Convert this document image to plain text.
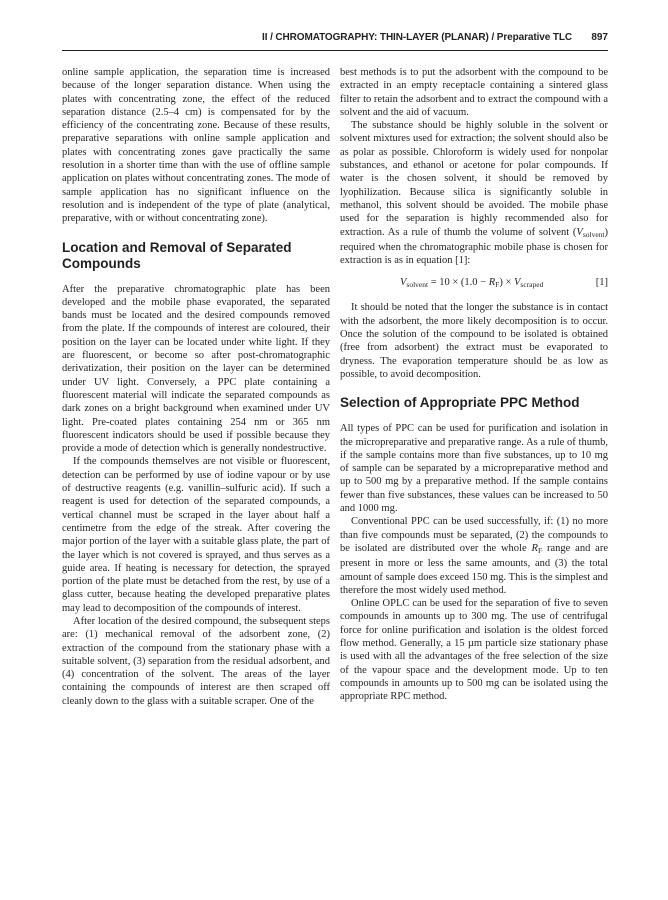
II / CHROMATOGRAPHY: THIN-LAYER (PLANAR) / Preparative TLC 897

online sample application, the separation time is increased because of the longer separation distance. When using the plates with concentrating zone, the effect of the reduced separation distance (2.5–4 cm) is compensated for by the efficiency of the concentrating zone. Because of these results, preparative separations with online sample application and plates with concentrating zones gave practically the same resolution in a shorter time than with the use of offline sample application on plates without concentrating zones. The mode of sample application has no significant influence on the resolution and is independent of the type of plate (analytical, preparative, with or without concentrating zone).

Location and Removal of Separated Compounds

After the preparative chromatographic plate has been developed and the mobile phase evaporated, the separated bands must be located and the desired compounds removed from the plate. If the compounds of interest are coloured, their position on the layer can be located under white light. If they are fluorescent, or become so after post-chromatographic derivatization, their position on the layer can be determined under UV light. Conversely, a PPC plate containing a fluorescent material will indicate the separated compounds as dark zones on a bright background when examined under UV light. Pre-coated plates containing 254 nm or 365 nm fluorescent indicators should be used if possible because they provide a mode of detection which is generally nondestructive.

If the compounds themselves are not visible or fluorescent, detection can be performed by use of iodine vapour or by use of destructive reagents (e.g. vanillin–sulfuric acid). If such a reagent is used for detection of the separated compounds, a vertical channel must be scraped in the layer about half a centimetre from the edge of the streak. After covering the major portion of the layer with a suitable glass plate, the part of the layer which is not covered is sprayed, and thus serves as a guide area. If heating is necessary for detection, the sprayed portion of the plate must be detached from the rest, by use of a glass cutter, because heating the developed preparative plates may lead to decomposition of the compounds of interest.

After location of the desired compound, the subsequent steps are: (1) mechanical removal of the adsorbent zone, (2) extraction of the compound from the stationary phase with a suitable solvent, (3) separation from the residual adsorbent, and (4) concentration of the solvent. The areas of the layer containing the compounds of interest are then scraped off cleanly down to the glass with a suitable scraper. One of the

best methods is to put the adsorbent with the compound to be extracted in an empty receptacle containing a sintered glass filter to retain the adsorbent and to extract the compound with a solvent and the aid of vacuum.

The substance should be highly soluble in the solvent or solvent mixtures used for extraction; the solvent should also be as polar as possible. Chloroform is widely used for nonpolar substances, and ethanol or acetone for polar compounds. If water is the chosen solvent, it should be removed by lyophilization. Because silica is significantly soluble in methanol, this solvent should be avoided. The mobile phase used for the separation is highly recommended also for extraction. As a rule of thumb the volume of solvent $(V_{solvent})$ required when the chromatographic mobile phase is chosen for extraction is as in equation [1]:

$V_{solvent} = 10 \times (1.0 - R_F) \times V_{scraped}$	[1]

It should be noted that the longer the substance is in contact with the adsorbent, the more likely decomposition is to occur. Once the solution of the compound to be isolated is obtained (free from adsorbent) the extract must be evaporated to dryness. The evaporation temperature should be as low as possible, to avoid decomposition.

Selection of Appropriate PPC Method

All types of PPC can be used for purification and isolation in the micropreparative and preparative range. As a rule of thumb, if the sample contains more than five substances, up to 10 mg of sample can be separated by a micropreparative method and up to 500 mg by a preparative method. If the sample contains fewer than five substances, these values can be increased to 50 and 1000 mg.

Conventional PPC can be used successfully, if: (1) no more than five compounds must be separated, (2) the compounds to be isolated are distributed over the whole $R_F$ range and are present in more or less the same amounts, and (3) the total amount of sample does exceed 150 mg. This is the simplest and therefore the most widely used method.

Online OPLC can be used for the separation of five to seven compounds in amounts up to 300 mg. The use of centrifugal force for online purification and isolation is the oldest forced flow method. Generally, a 15 µm particle size stationary phase is used with all the advantages of the free selection of the size of the vapour space and the development mode. Up to ten compounds in amounts up to 500 mg can be isolated using the appropriate RPC method.
